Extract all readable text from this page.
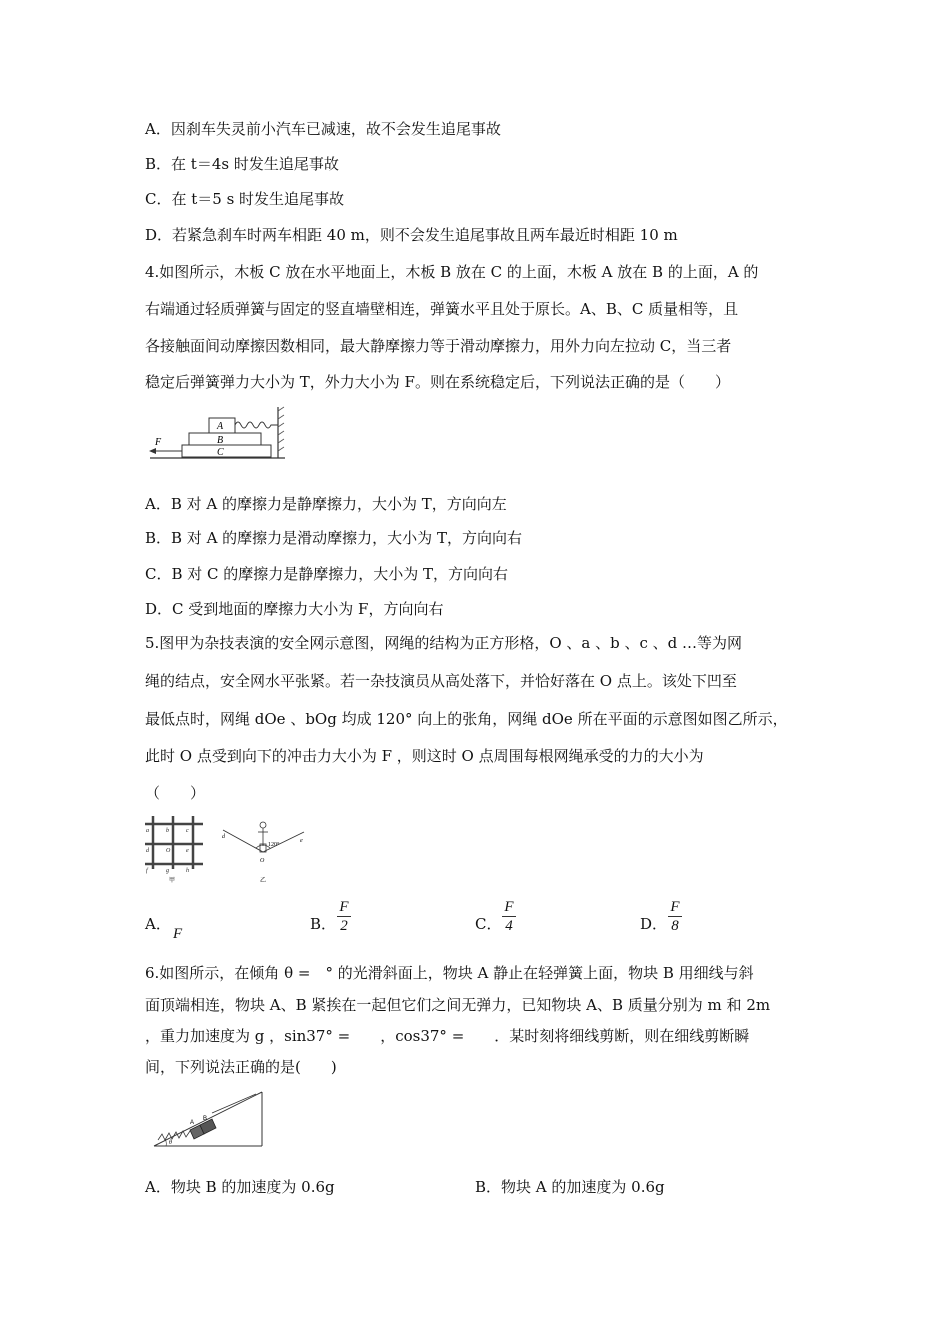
A．因刹车失灵前小汽车已减速，故不会发生追尾事故
B．在 t＝4s 时发生追尾事故
C．在 t＝5 s 时发生追尾事故
D．若紧急刹车时两车相距 40 m，则不会发生追尾事故且两车最近时相距 10 m
4.如图所示，木板 C 放在水平地面上，木板 B 放在 C 的上面，木板 A 放在 B 的上面，A 的
右端通过轻质弹簧与固定的竖直墙壁相连，弹簧水平且处于原长。A、B、C 质量相等，且
各接触面间动摩擦因数相同，最大静摩擦力等于滑动摩擦力，用外力向左拉动 C，当三者
稳定后弹簧弹力大小为 T，外力大小为 F。则在系统稳定后，下列说法正确的是（　　）
C
B
A
F
A．B 对 A 的摩擦力是静摩擦力，大小为 T，方向向左
B．B 对 A 的摩擦力是滑动摩擦力，大小为 T，方向向右
C．B 对 C 的摩擦力是静摩擦力，大小为 T，方向向右
D．C 受到地面的摩擦力大小为 F，方向向右
5.图甲为杂技表演的安全网示意图，网绳的结构为正方形格，O 、a 、b 、c 、d …等为网
绳的结点，安全网水平张紧。若一杂技演员从高处落下，并恰好落在 O 点上。该处下凹至
最低点时，网绳 dOe 、bOg 均成 120° 向上的张角，网绳 dOe 所在平面的示意图如图乙所示，
此时 O 点受到向下的冲击力大小为 F ，则这时 O 点周围每根网绳承受的力的大小为
（　　）
a	b	c
d	O	e
f	g	h
甲
120°
d
O
e
乙
A．
F
B．
F
2	C．
F
4	D．
F
8
6.如图所示，在倾角 θ =　° 的光滑斜面上，物块 A 静止在轻弹簧上面，物块 B 用细线与斜
面顶端相连，物块 A、B 紧挨在一起但它们之间无弹力，已知物块 A、B 质量分别为 m 和 2m
，重力加速度为 g ，sin37° =　　，cos37° =　　．某时刻将细线剪断，则在细线剪断瞬
间，下列说法正确的是(　　)
A
B
θ
A．物块 B 的加速度为 0.6g	B．物块 A 的加速度为 0.6g
